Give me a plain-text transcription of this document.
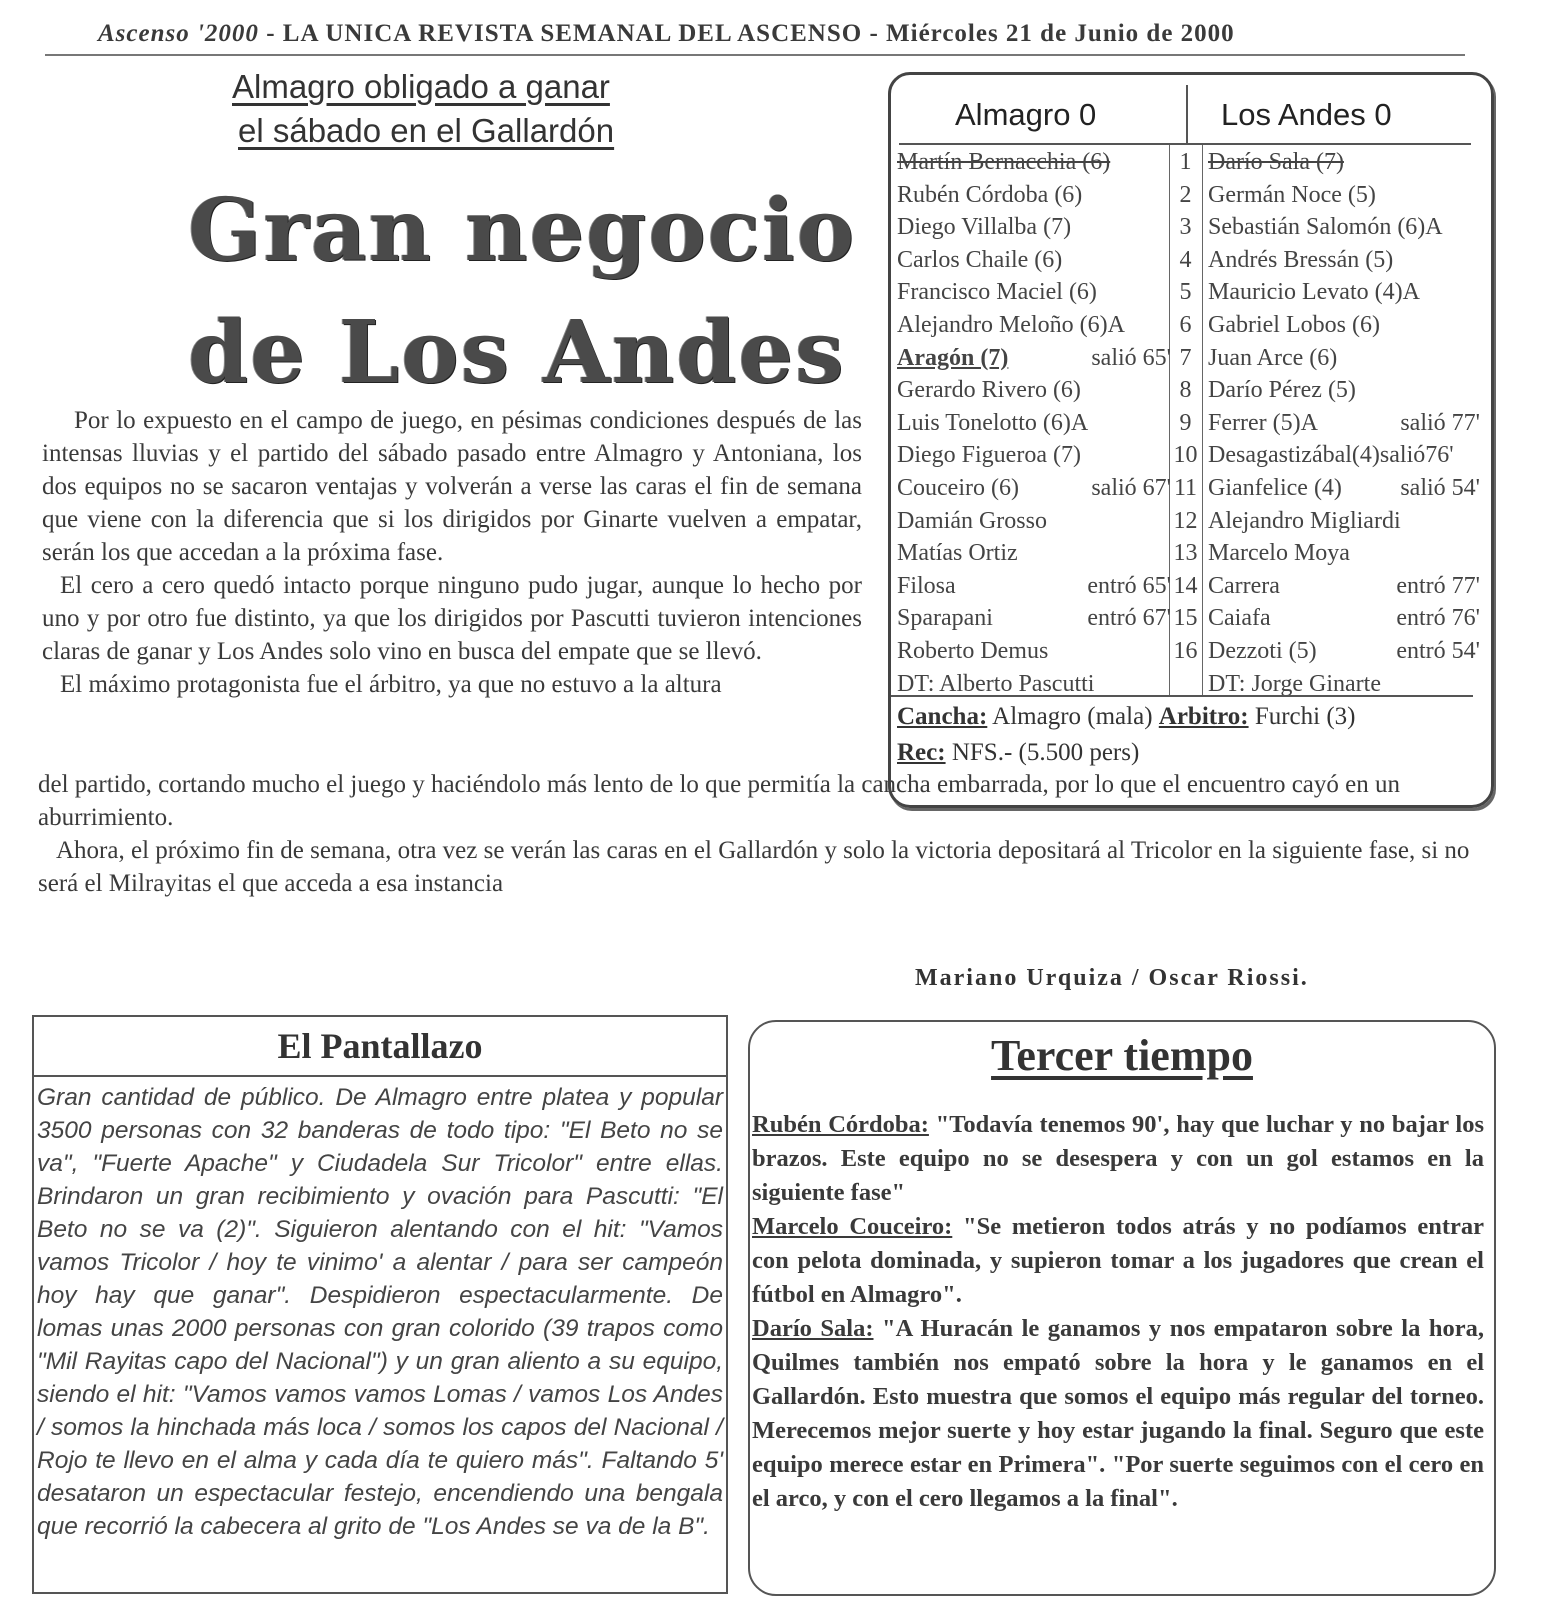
Ascenso '2000 - LA UNICA REVISTA SEMANAL DEL ASCENSO - Miércoles 21 de Junio de 2000
Almagro obligado a ganar
el sábado en el Gallardón
Gran negocio
de Los Andes

Por lo expuesto en el campo de juego, en pésimas condiciones después de las intensas lluvias y el partido del sábado pasado entre Almagro y Antoniana, los dos equipos no se sacaron ventajas y volverán a verse las caras el fin de semana que viene con la diferencia que si los dirigidos por Ginarte vuelven a empatar, serán los que accedan a la próxima fase.

El cero a cero quedó intacto porque ninguno pudo jugar, aunque lo hecho por uno y por otro fue distinto, ya que los dirigidos por Pascutti tuvieron intenciones claras de ganar y Los Andes solo vino en busca del empate que se llevó.

El máximo protagonista fue el árbitro, ya que no estuvo a la altura

del partido, cortando mucho el juego y haciéndolo más lento de lo que permitía la cancha embarrada, por lo que el encuentro cayó en un aburrimiento.

Ahora, el próximo fin de semana, otra vez se verán las caras en el Gallardón y solo la victoria depositará al Tricolor en la siguiente fase, si no será el Milrayitas el que acceda a esa instancia

Mariano Urquiza / Oscar Riossi.
Almagro 0	Los Andes 0
Martín Bernacchia (6)	1 Darío Sala (7)
Rubén Córdoba (6)	2 Germán Noce (5)
Diego Villalba (7)	3 Sebastián Salomón (6)A
Carlos Chaile (6)	4 Andrés Bressán (5)
Francisco Maciel (6)	5 Mauricio Levato (4)A
Alejandro Meloño (6)A	6 Gabriel Lobos (6)
Aragón (7)	salió 65' 7 Juan Arce (6)
Gerardo Rivero (6)	8 Darío Pérez (5)
Luis Tonelotto (6)A	9 Ferrer (5)A	salió 77'
Diego Figueroa (7)	10 Desagastizábal(4)salió76'
Couceiro (6)	salió 67' 11 Gianfelice (4)	salió 54'
Damián Grosso	12 Alejandro Migliardi
Matías Ortiz	13 Marcelo Moya
Filosa	entró 65' 14 Carrera	entró 77'
Sparapani	entró 67' 15 Caiafa	entró 76'
Roberto Demus	16 Dezzoti (5)	entró 54'
DT: Alberto Pascutti	DT: Jorge Ginarte
Cancha: Almagro (mala) Arbitro: Furchi (3)
Rec: NFS.- (5.500 pers)
El Pantallazo

Gran cantidad de público. De Almagro entre platea y popular 3500 personas con 32 banderas de todo tipo: "El Beto no se va", "Fuerte Apache" y Ciudadela Sur Tricolor" entre ellas. Brindaron un gran recibimiento y ovación para Pascutti: "El Beto no se va (2)". Siguieron alentando con el hit: "Vamos vamos Tricolor / hoy te vinimo' a alentar / para ser campeón hoy hay que ganar". Despidieron espectacularmente. De lomas unas 2000 personas con gran colorido (39 trapos como "Mil Rayitas capo del Nacional") y un gran aliento a su equipo, siendo el hit: "Vamos vamos vamos Lomas / vamos Los Andes / somos la hinchada más loca / somos los capos del Nacional / Rojo te llevo en el alma y cada día te quiero más". Faltando 5' desataron un espectacular festejo, encendiendo una bengala que recorrió la cabecera al grito de "Los Andes se va de la B".

Tercer tiempo

Rubén Córdoba: "Todavía tenemos 90', hay que luchar y no bajar los brazos. Este equipo no se desespera y con un gol estamos en la siguiente fase"
Marcelo Couceiro: "Se metieron todos atrás y no podíamos entrar con pelota dominada, y supieron tomar a los jugadores que crean el fútbol en Almagro".
Darío Sala: "A Huracán le ganamos y nos empataron sobre la hora, Quilmes también nos empató sobre la hora y le ganamos en el Gallardón. Esto muestra que somos el equipo más regular del torneo. Merecemos mejor suerte y hoy estar jugando la final. Seguro que este equipo merece estar en Primera". "Por suerte seguimos con el cero en el arco, y con el cero llegamos a la final".
